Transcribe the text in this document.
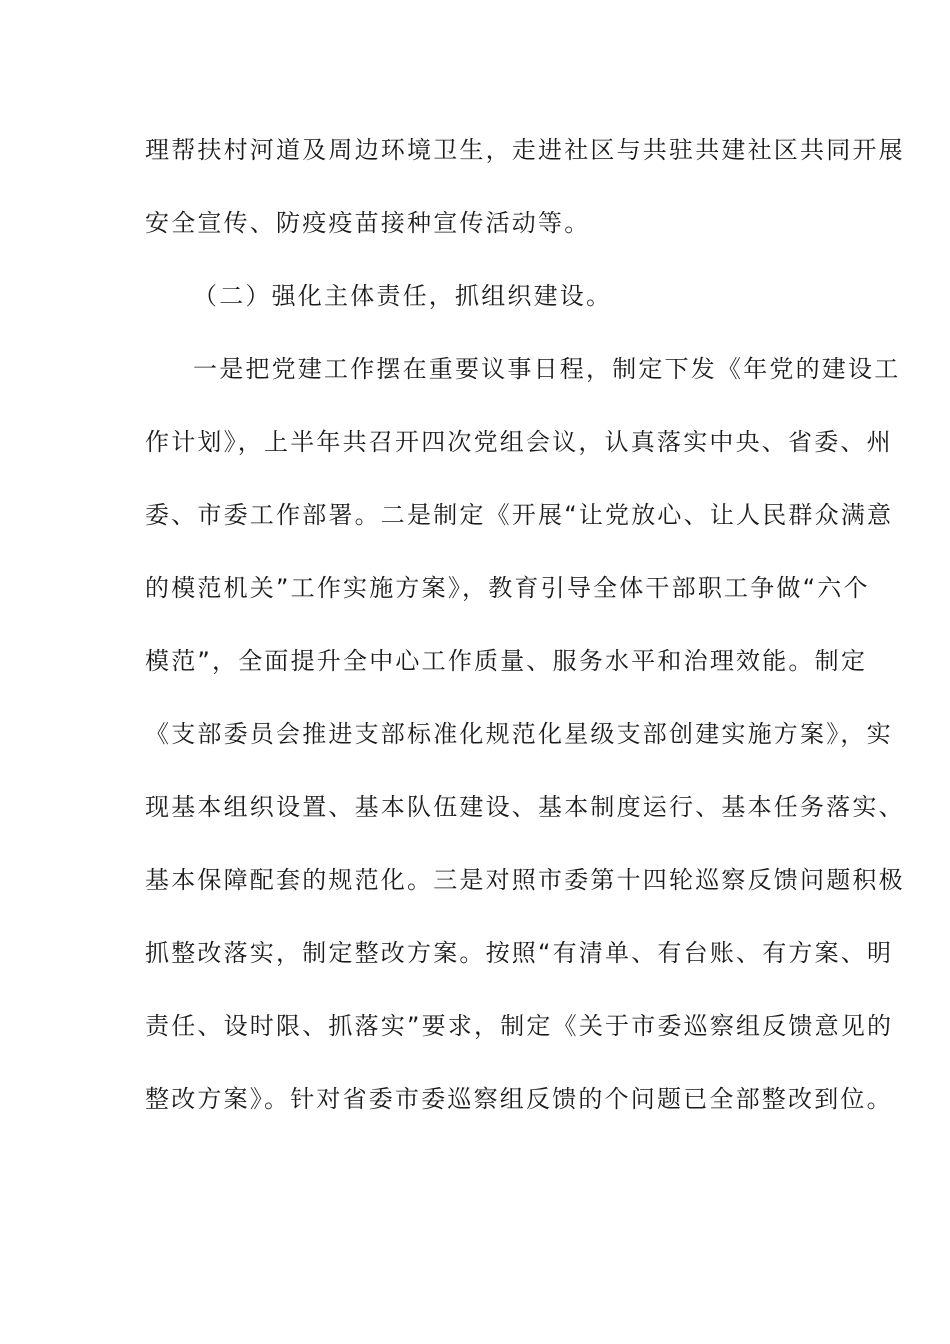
理帮扶村河道及周边环境卫生，走进社区与共驻共建社区共同开展
安全宣传、防疫疫苗接种宣传活动等。
（二）强化主体责任，抓组织建设。
一是把党建工作摆在重要议事日程，制定下发《年党的建设工
作计划》，上半年共召开四次党组会议，认真落实中央、省委、州
委、市委工作部署。二是制定《开展“让党放心、让人民群众满意
的模范机关”工作实施方案》，教育引导全体干部职工争做“六个
模范”，全面提升全中心工作质量、服务水平和治理效能。制定
《支部委员会推进支部标准化规范化星级支部创建实施方案》，实
现基本组织设置、基本队伍建设、基本制度运行、基本任务落实、
基本保障配套的规范化。三是对照市委第十四轮巡察反馈问题积极
抓整改落实，制定整改方案。按照“有清单、有台账、有方案、明
责任、设时限、抓落实”要求，制定《关于市委巡察组反馈意见的
整改方案》。针对省委市委巡察组反馈的个问题已全部整改到位。
